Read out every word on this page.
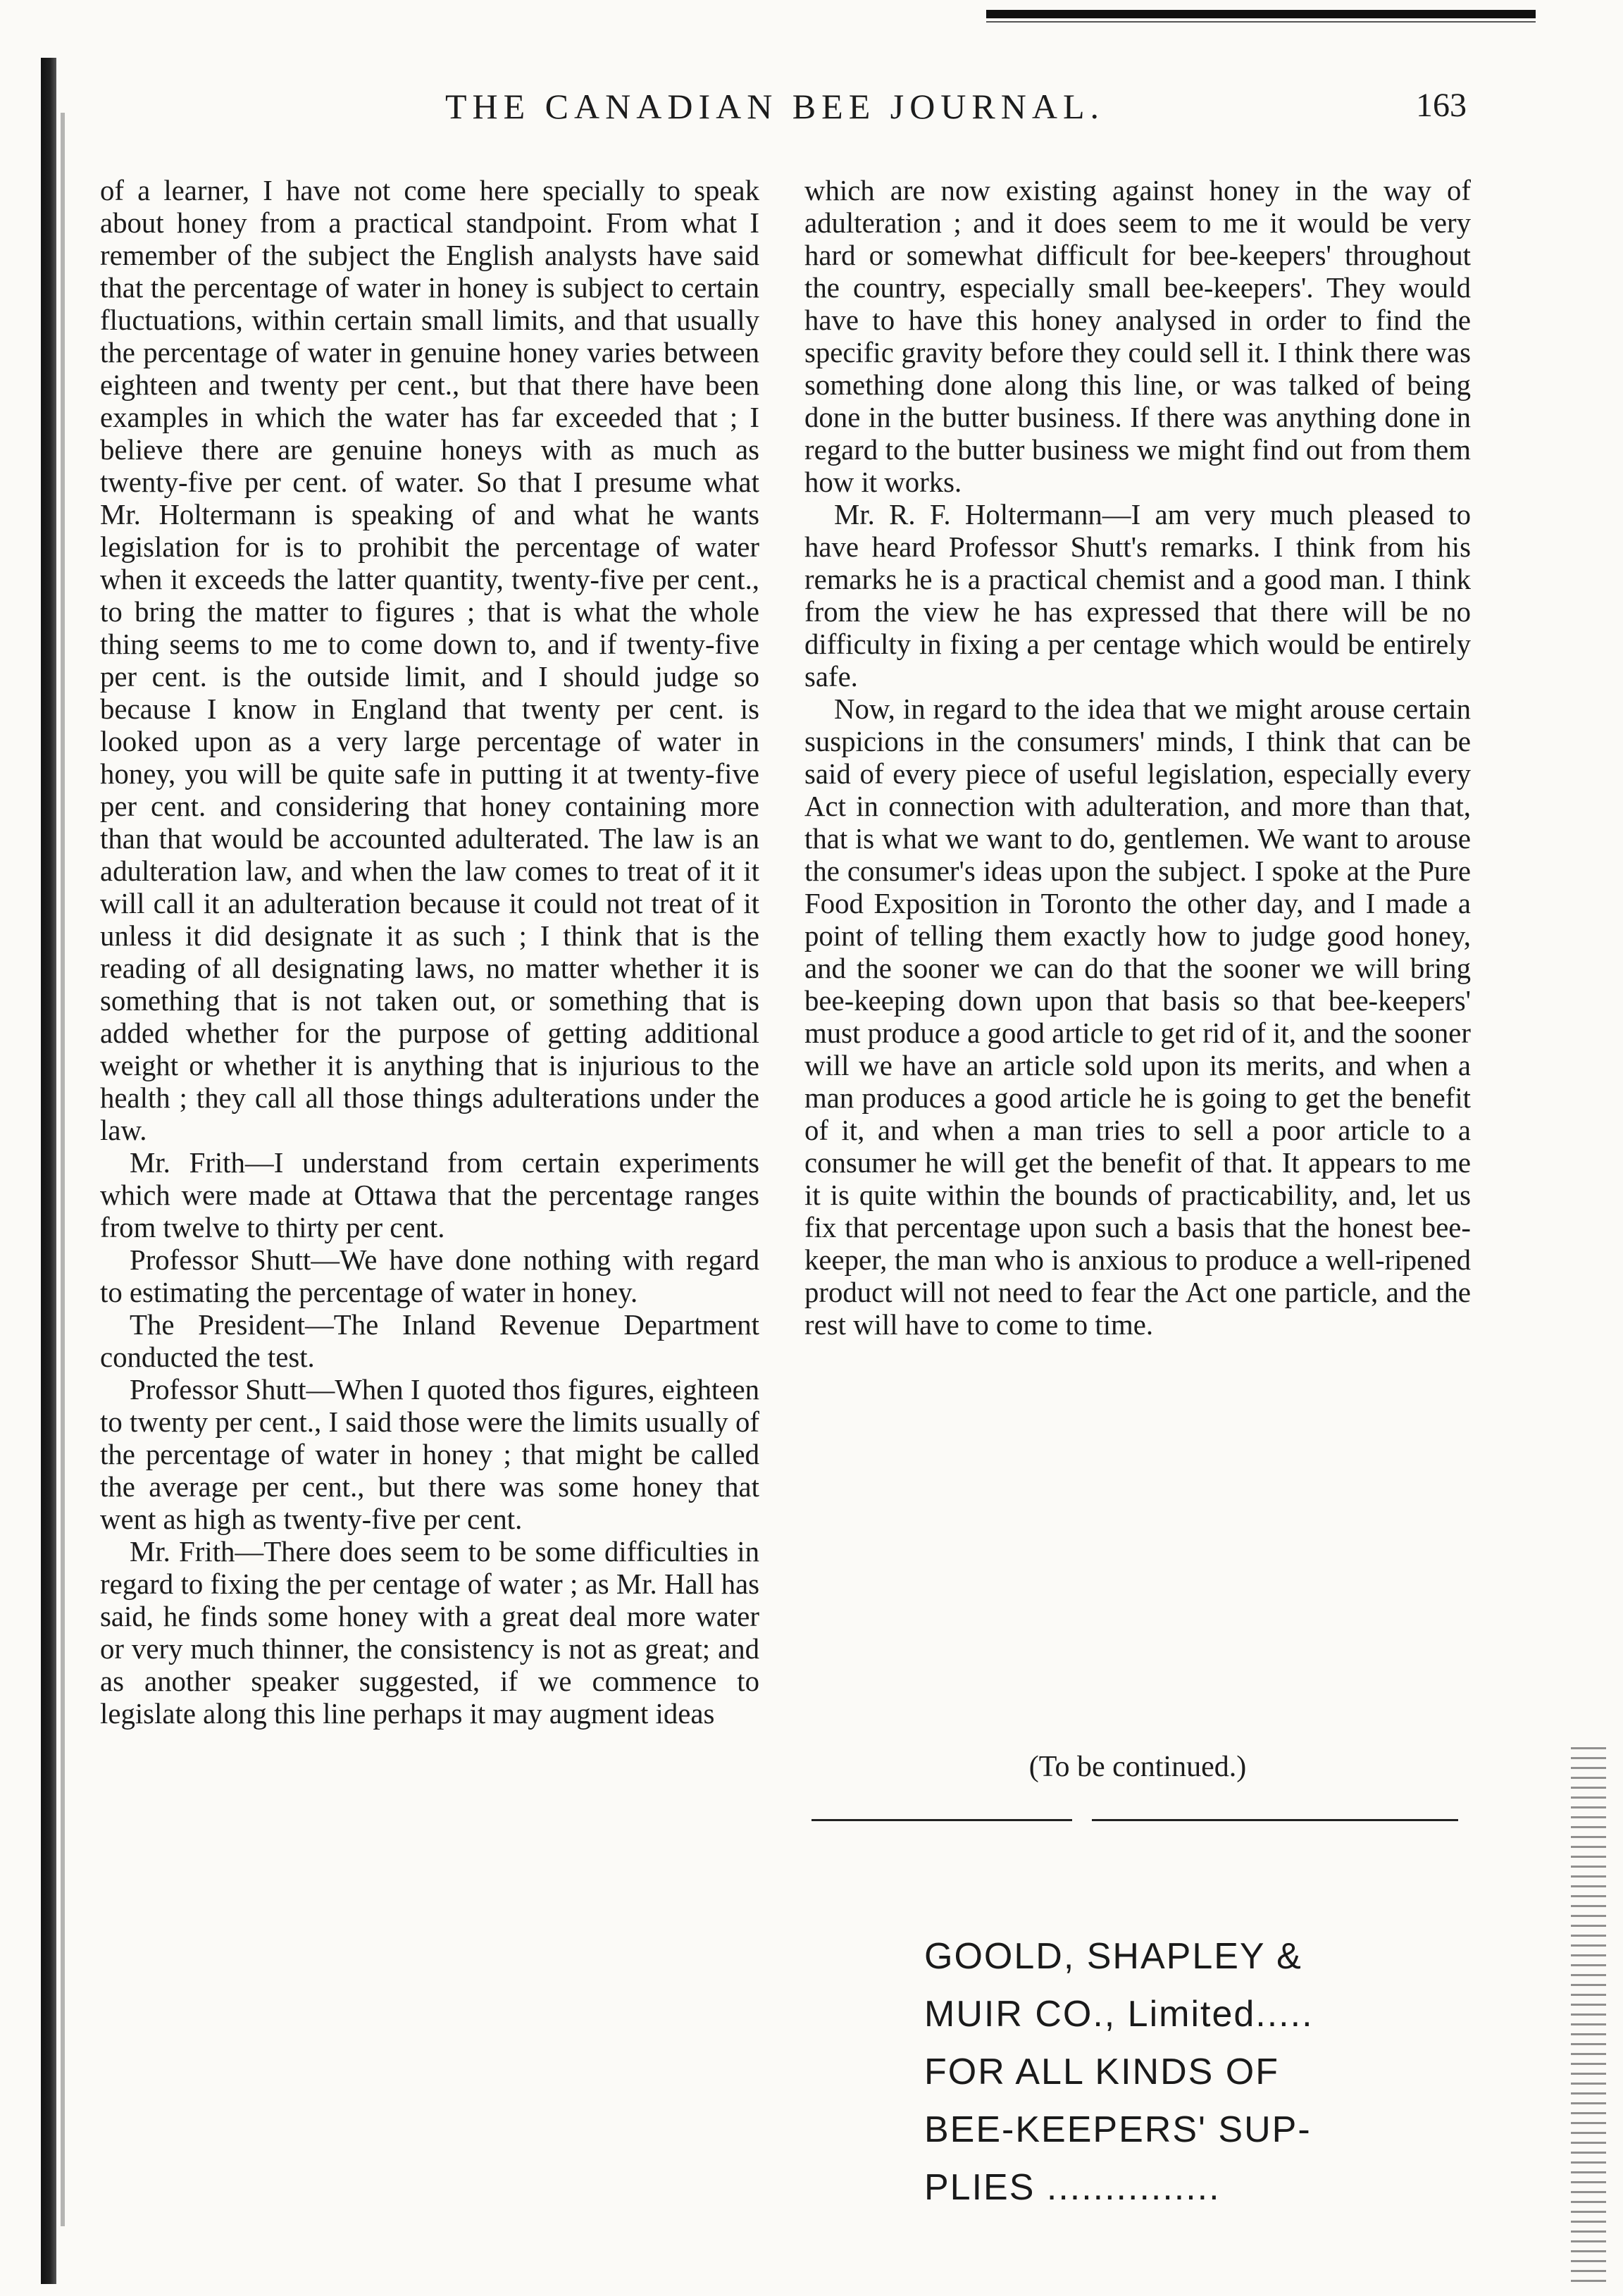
THE CANADIAN BEE JOURNAL.	163

of a learner, I have not come here specially to speak about honey from a practical standpoint. From what I remember of the subject the English analysts have said that the percentage of water in honey is subject to certain fluctuations, within certain small limits, and that usually the percentage of water in genuine honey varies between eighteen and twenty per cent., but that there have been examples in which the water has far exceeded that ; I believe there are genuine honeys with as much as twenty-five per cent. of water. So that I presume what Mr. Holtermann is speaking of and what he wants legislation for is to prohibit the percentage of water when it exceeds the latter quantity, twenty-five per cent., to bring the matter to figures ; that is what the whole thing seems to me to come down to, and if twenty-five per cent. is the outside limit, and I should judge so because I know in England that twenty per cent. is looked upon as a very large percentage of water in honey, you will be quite safe in putting it at twenty-five per cent. and considering that honey containing more than that would be accounted adulterated. The law is an adulteration law, and when the law comes to treat of it it will call it an adulteration because it could not treat of it unless it did designate it as such ; I think that is the reading of all designating laws, no matter whether it is something that is not taken out, or something that is added whether for the purpose of getting additional weight or whether it is anything that is injurious to the health ; they call all those things adulterations under the law.

Mr. Frith—I understand from certain experiments which were made at Ottawa that the percentage ranges from twelve to thirty per cent.

Professor Shutt—We have done nothing with regard to estimating the percentage of water in honey.

The President—The Inland Revenue Department conducted the test.

Professor Shutt—When I quoted thos figures, eighteen to twenty per cent., I said those were the limits usually of the percentage of water in honey ; that might be called the average per cent., but there was some honey that went as high as twenty-five per cent.

Mr. Frith—There does seem to be some difficulties in regard to fixing the per centage of water ; as Mr. Hall has said, he finds some honey with a great deal more water or very much thinner, the consistency is not as great; and as another speaker suggested, if we commence to legislate along this line perhaps it may augment ideas

which are now existing against honey in the way of adulteration ; and it does seem to me it would be very hard or somewhat difficult for bee-keepers' throughout the country, especially small bee-keepers'. They would have to have this honey analysed in order to find the specific gravity before they could sell it. I think there was something done along this line, or was talked of being done in the butter business. If there was anything done in regard to the butter business we might find out from them how it works.

Mr. R. F. Holtermann—I am very much pleased to have heard Professor Shutt's remarks. I think from his remarks he is a practical chemist and a good man. I think from the view he has expressed that there will be no difficulty in fixing a per centage which would be entirely safe.

Now, in regard to the idea that we might arouse certain suspicions in the consumers' minds, I think that can be said of every piece of useful legislation, especially every Act in connection with adulteration, and more than that, that is what we want to do, gentlemen. We want to arouse the consumer's ideas upon the subject. I spoke at the Pure Food Exposition in Toronto the other day, and I made a point of telling them exactly how to judge good honey, and the sooner we can do that the sooner we will bring bee-keeping down upon that basis so that bee-keepers' must produce a good article to get rid of it, and the sooner will we have an article sold upon its merits, and when a man produces a good article he is going to get the benefit of it, and when a man tries to sell a poor article to a consumer he will get the benefit of that. It appears to me it is quite within the bounds of practicability, and, let us fix that percentage upon such a basis that the honest bee-keeper, the man who is anxious to produce a well-ripened product will not need to fear the Act one particle, and the rest will have to come to time.

(To be continued.)
GOOLD, SHAPLEY &
MUIR CO., Limited.....
FOR ALL KINDS OF
BEE-KEEPERS' SUP-
PLIES ...............
